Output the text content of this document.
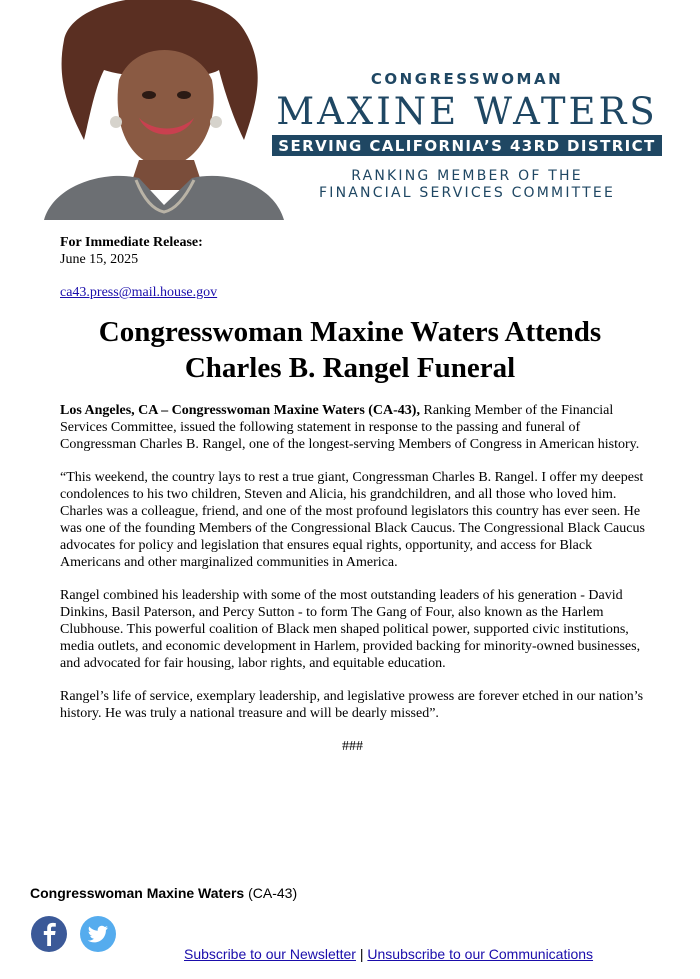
CONGRESSWOMAN
MAXINE WATERS
SERVING CALIFORNIA’S 43RD DISTRICT
RANKING MEMBER OF THE
FINANCIAL SERVICES COMMITTEE
For Immediate Release:
June 15, 2025
ca43.press@mail.house.gov
Congresswoman Maxine Waters Attends
Charles B. Rangel Funeral

Los Angeles, CA – Congresswoman Maxine Waters (CA-43), Ranking Member of the Financial Services Committee, issued the following statement in response to the passing and funeral of Congressman Charles B. Rangel, one of the longest-serving Members of Congress in American history.

“This weekend, the country lays to rest a true giant, Congressman Charles B. Rangel. I offer my deepest condolences to his two children, Steven and Alicia, his grandchildren, and all those who loved him. Charles was a colleague, friend, and one of the most profound legislators this country has ever seen. He was one of the founding Members of the Congressional Black Caucus. The Congressional Black Caucus advocates for policy and legislation that ensures equal rights, opportunity, and access for Black Americans and other marginalized communities in America.

Rangel combined his leadership with some of the most outstanding leaders of his generation - David Dinkins, Basil Paterson, and Percy Sutton - to form The Gang of Four, also known as the Harlem Clubhouse. This powerful coalition of Black men shaped political power, supported civic institutions, media outlets, and economic development in Harlem, provided backing for minority-owned businesses, and advocated for fair housing, labor rights, and equitable education.

Rangel’s life of service, exemplary leadership, and legislative prowess are forever etched in our nation’s history. He was truly a national treasure and will be dearly missed”.

###

Congresswoman Maxine Waters (CA-43)
Subscribe to our Newsletter | Unsubscribe to our Communications
